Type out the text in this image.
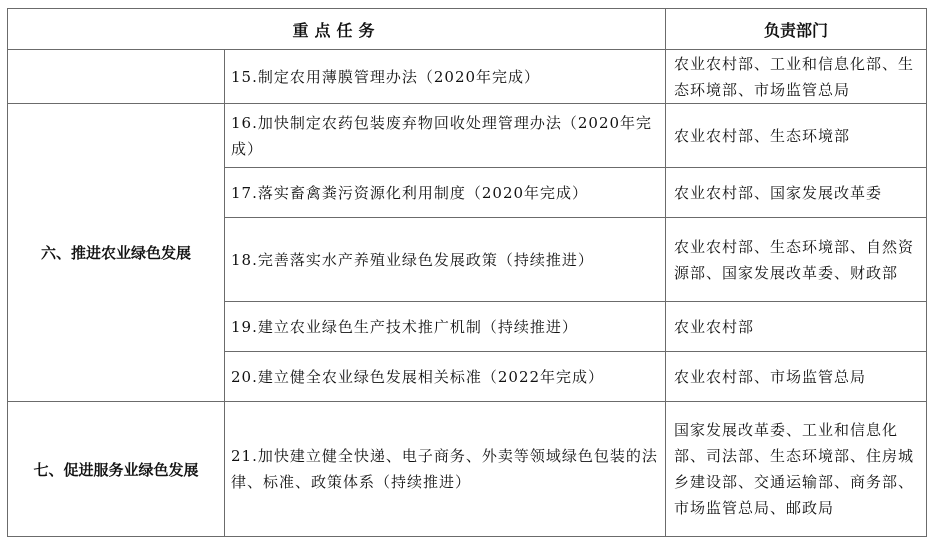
重点任务		负责部门
	15.制定农用薄膜管理办法（2020年完成）	农业农村部、工业和信息化部、生态环境部、市场监管总局
六、推进农业绿色发展	16.加快制定农药包装废弃物回收处理管理办法（2020年完成）	农业农村部、生态环境部
	17.落实畜禽粪污资源化利用制度（2020年完成）	农业农村部、国家发展改革委
	18.完善落实水产养殖业绿色发展政策（持续推进）	农业农村部、生态环境部、自然资源部、国家发展改革委、财政部
	19.建立农业绿色生产技术推广机制（持续推进）	农业农村部
	20.建立健全农业绿色发展相关标准（2022年完成）	农业农村部、市场监管总局
七、促进服务业绿色发展	21.加快建立健全快递、电子商务、外卖等领域绿色包装的法律、标准、政策体系（持续推进）	国家发展改革委、工业和信息化部、司法部、生态环境部、住房城乡建设部、交通运输部、商务部、市场监管总局、邮政局
